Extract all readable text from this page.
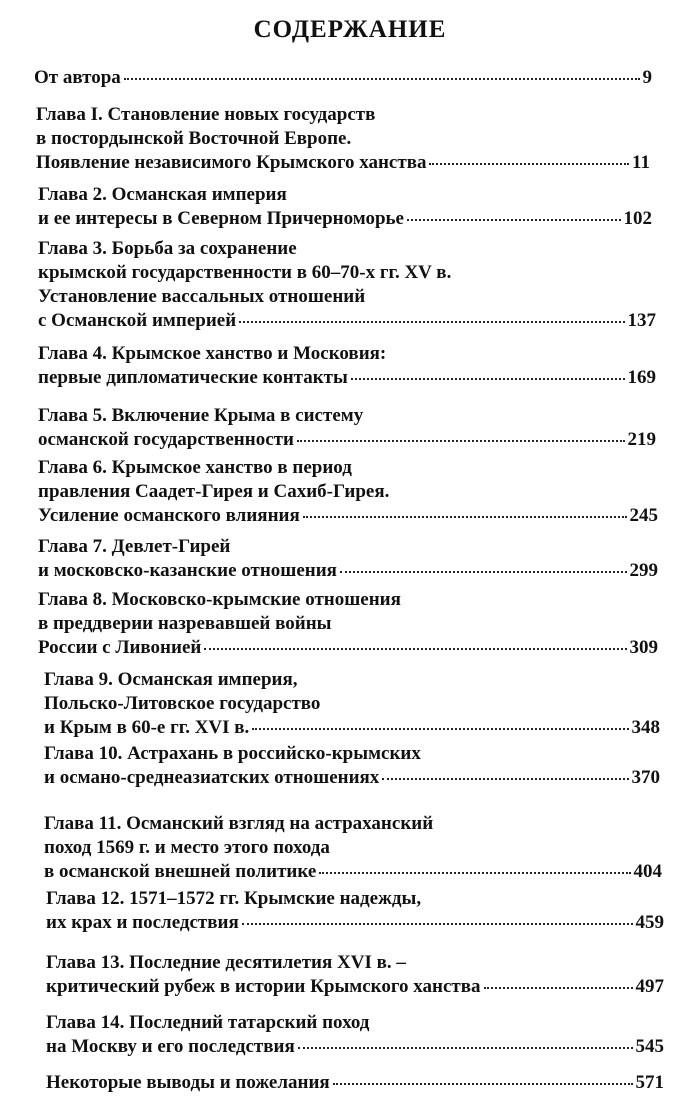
СОДЕРЖАНИЕ
От автора	9
Глава I. Становление новых государств
в постордынской Восточной Европе.
Появление независимого Крымского ханства	11
Глава 2. Османская империя
и ее интересы в Северном Причерноморье	102
Глава 3. Борьба за сохранение
крымской государственности в 60–70-х гг. XV в.
Установление вассальных отношений
с Османской империей	137
Глава 4. Крымское ханство и Московия:
первые дипломатические контакты	169
Глава 5. Включение Крыма в систему
османской государственности	219
Глава 6. Крымское ханство в период
правления Саадет-Гирея и Сахиб-Гирея.
Усиление османского влияния	245
Глава 7. Девлет-Гирей
и московско-казанские отношения	299
Глава 8. Московско-крымские отношения
в преддверии назревавшей войны
России с Ливонией	309
Глава 9. Османская империя,
Польско-Литовское государство
и Крым в 60-е гг. XVI в.	348
Глава 10. Астрахань в российско-крымских
и османо-среднеазиатских отношениях	370
Глава 11. Османский взгляд на астраханский
поход 1569 г. и место этого похода
в османской внешней политике	404
Глава 12. 1571–1572 гг. Крымские надежды,
их крах и последствия	459
Глава 13. Последние десятилетия XVI в. –
критический рубеж в истории Крымского ханства	497
Глава 14. Последний татарский поход
на Москву и его последствия	545
Некоторые выводы и пожелания	571
